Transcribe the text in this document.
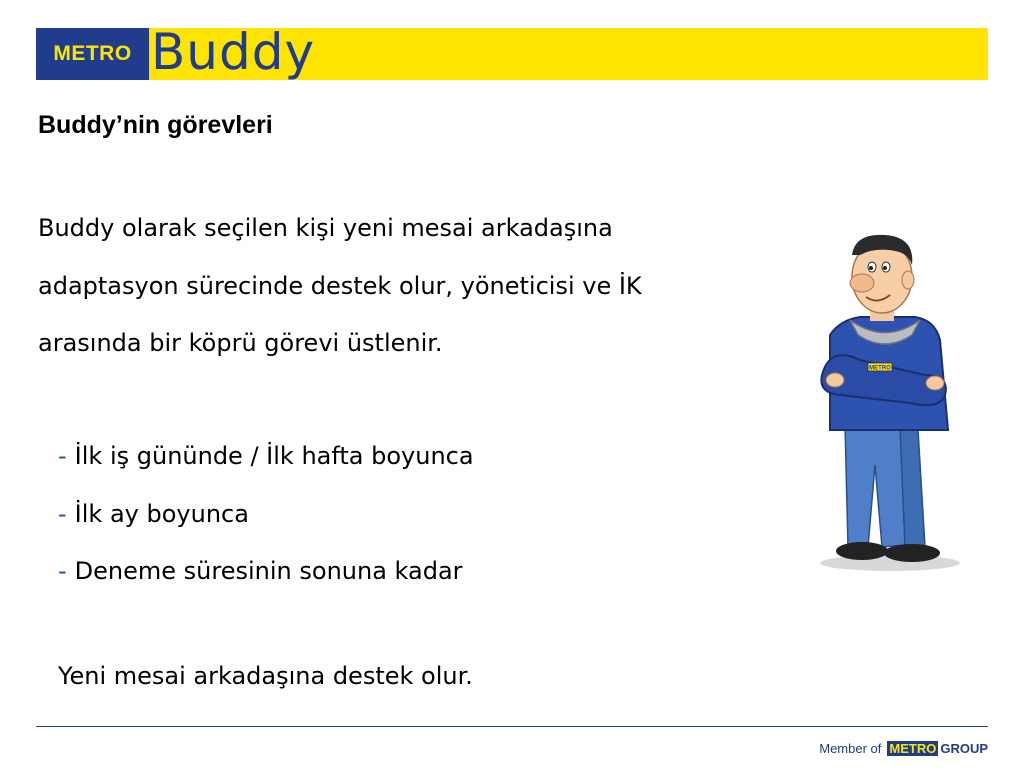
METRO Buddy
Buddy’nin görevleri
Buddy olarak seçilen kişi yeni mesai arkadaşına
adaptasyon sürecinde destek olur, yöneticisi ve İK
arasında bir köprü görevi üstlenir.
- İlk iş gününde / İlk hafta boyunca
- İlk ay boyunca
- Deneme süresinin sonuna kadar
Yeni mesai arkadaşına destek olur.
METRO
Member of METRO GROUP
